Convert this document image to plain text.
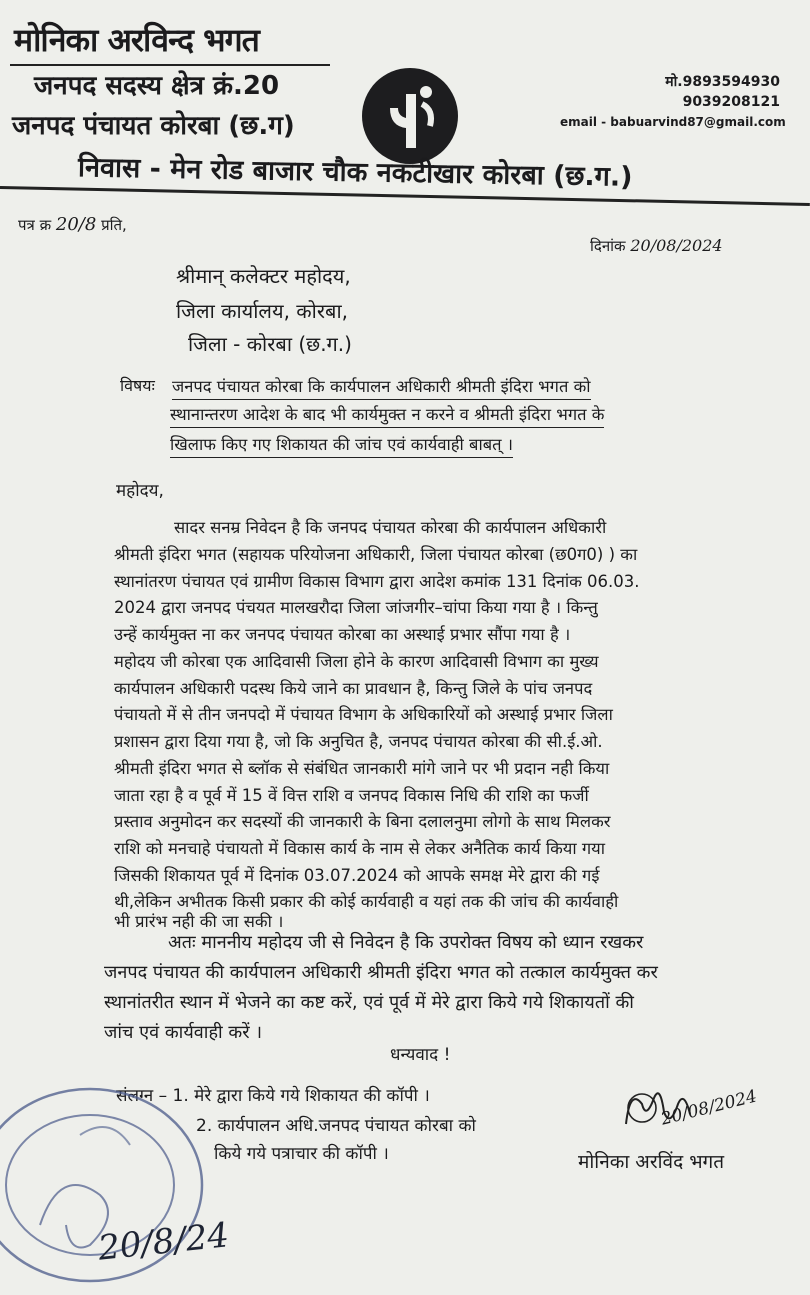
मोनिका अरविन्द भगत
जनपद सदस्य क्षेत्र क्रं.20
जनपद पंचायत कोरबा (छ.ग)
मो.9893594930
9039208121
email - babuarvind87@gmail.com
निवास - मेन रोड बाजार चौक नकटीखार कोरबा (छ.ग.)
पत्र क्र 20/8 प्रति,
दिनांक 20/08/2024
श्रीमान् कलेक्टर महोदय,
जिला कार्यालय, कोरबा,
जिला - कोरबा (छ.ग.)
विषयः जनपद पंचायत कोरबा कि कार्यपालन अधिकारी श्रीमती इंदिरा भगत को
स्थानान्तरण आदेश के बाद भी कार्यमुक्त न करने व श्रीमती इंदिरा भगत के
खिलाफ किए गए शिकायत की जांच एवं कार्यवाही बाबत् ।
महोदय,
सादर सनम्र निवेदन है कि जनपद पंचायत कोरबा की कार्यपालन अधिकारी
श्रीमती इंदिरा भगत (सहायक परियोजना अधिकारी, जिला पंचायत कोरबा (छ0ग0) ) का
स्थानांतरण पंचायत एवं ग्रामीण विकास विभाग द्वारा आदेश कमांक 131 दिनांक 06.03.
2024 द्वारा जनपद पंचयत मालखरौदा जिला जांजगीर–चांपा किया गया है । किन्तु
उन्हें कार्यमुक्त ना कर जनपद पंचायत कोरबा का अस्थाई प्रभार सौंपा गया है ।
महोदय जी कोरबा एक आदिवासी जिला होने के कारण आदिवासी विभाग का मुख्य
कार्यपालन अधिकारी पदस्थ किये जाने का प्रावधान है, किन्तु जिले के पांच जनपद
पंचायतो में से तीन जनपदो में पंचायत विभाग के अधिकारियों को अस्थाई प्रभार जिला
प्रशासन द्वारा दिया गया है, जो कि अनुचित है, जनपद पंचायत कोरबा की सी.ई.ओ.
श्रीमती इंदिरा भगत से ब्लॉक से संबंधित जानकारी मांगे जाने पर भी प्रदान नही किया
जाता रहा है व पूर्व में 15 वें वित्त राशि व जनपद विकास निधि की राशि का फर्जी
प्रस्ताव अनुमोदन कर सदस्यों की जानकारी के बिना दलालनुमा लोगो के साथ मिलकर
राशि को मनचाहे पंचायतो में विकास कार्य के नाम से लेकर अनैतिक कार्य किया गया
जिसकी शिकायत पूर्व में दिनांक 03.07.2024 को आपके समक्ष मेरे द्वारा की गई
थी,लेकिन अभीतक किसी प्रकार की कोई कार्यवाही व यहां तक की जांच की कार्यवाही
भी प्रारंभ नही की जा सकी ।
अतः माननीय महोदय जी से निवेदन है कि उपरोक्त विषय को ध्यान रखकर
जनपद पंचायत की कार्यपालन अधिकारी श्रीमती इंदिरा भगत को तत्काल कार्यमुक्त कर
स्थानांतरीत स्थान में भेजने का कष्ट करें, एवं पूर्व में मेरे द्वारा किये गये शिकायतों की
जांच एवं कार्यवाही करें ।
धन्यवाद !
संलग्न – 1. मेरे द्वारा किये गये शिकायत की कॉपी ।
2. कार्यपालन अधि.जनपद पंचायत कोरबा को
किये गये पत्राचार की कॉपी ।
20/08/2024
मोनिका अरविंद भगत
20/8/24
